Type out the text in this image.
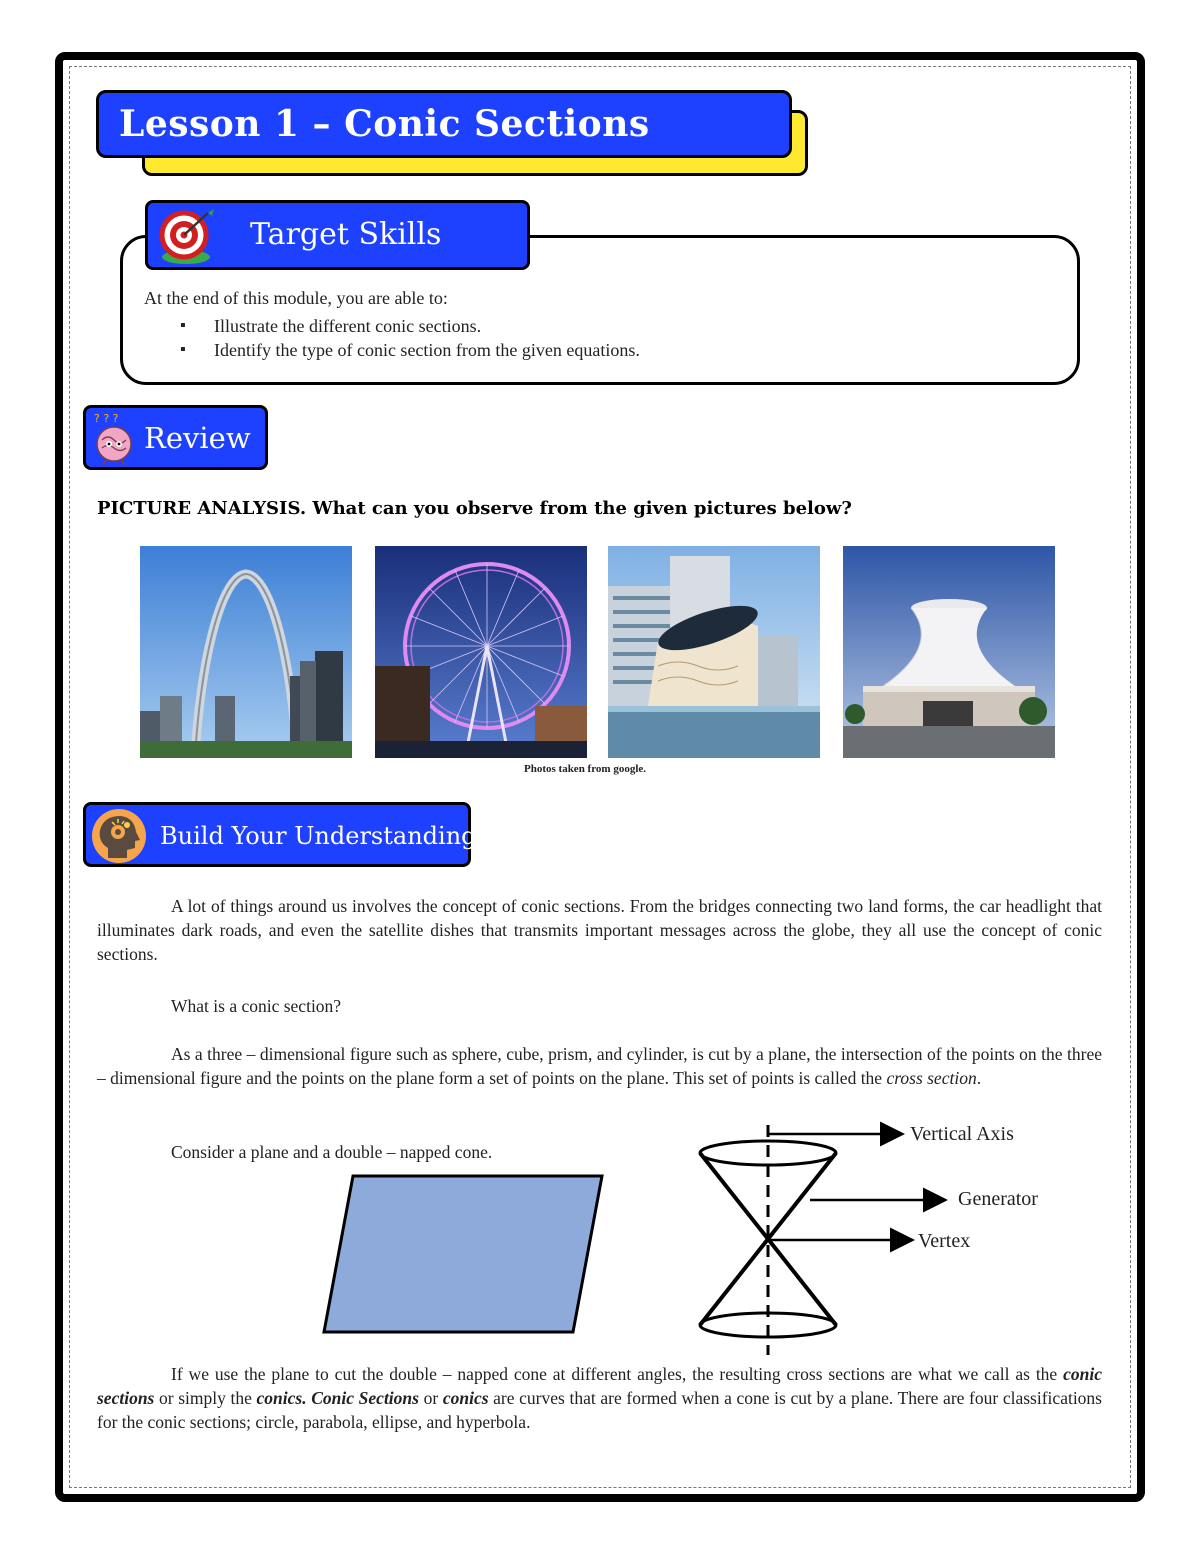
Lesson 1 – Conic Sections
Target Skills
At the end of this module, you are able to:
▪ Illustrate the different conic sections.
▪ Identify the type of conic section from the given equations.
? ? ?
Review

PICTURE ANALYSIS. What can you observe from the given pictures below?

Photos taken from google.
Build Your Understanding

A lot of things around us involves the concept of conic sections. From the bridges connecting two land forms, the car headlight that illuminates dark roads, and even the satellite dishes that transmits important messages across the globe, they all use the concept of conic sections.

What is a conic section?

As a three – dimensional figure such as sphere, cube, prism, and cylinder, is cut by a plane, the intersection of the points on the three – dimensional figure and the points on the plane form a set of points on the plane. This set of points is called the cross section.

Consider a plane and a double – napped cone.

Vertical Axis
Generator
Vertex

If we use the plane to cut the double – napped cone at different angles, the resulting cross sections are what we call as the conic sections or simply the conics. Conic Sections or conics are curves that are formed when a cone is cut by a plane. There are four classifications for the conic sections; circle, parabola, ellipse, and hyperbola.
